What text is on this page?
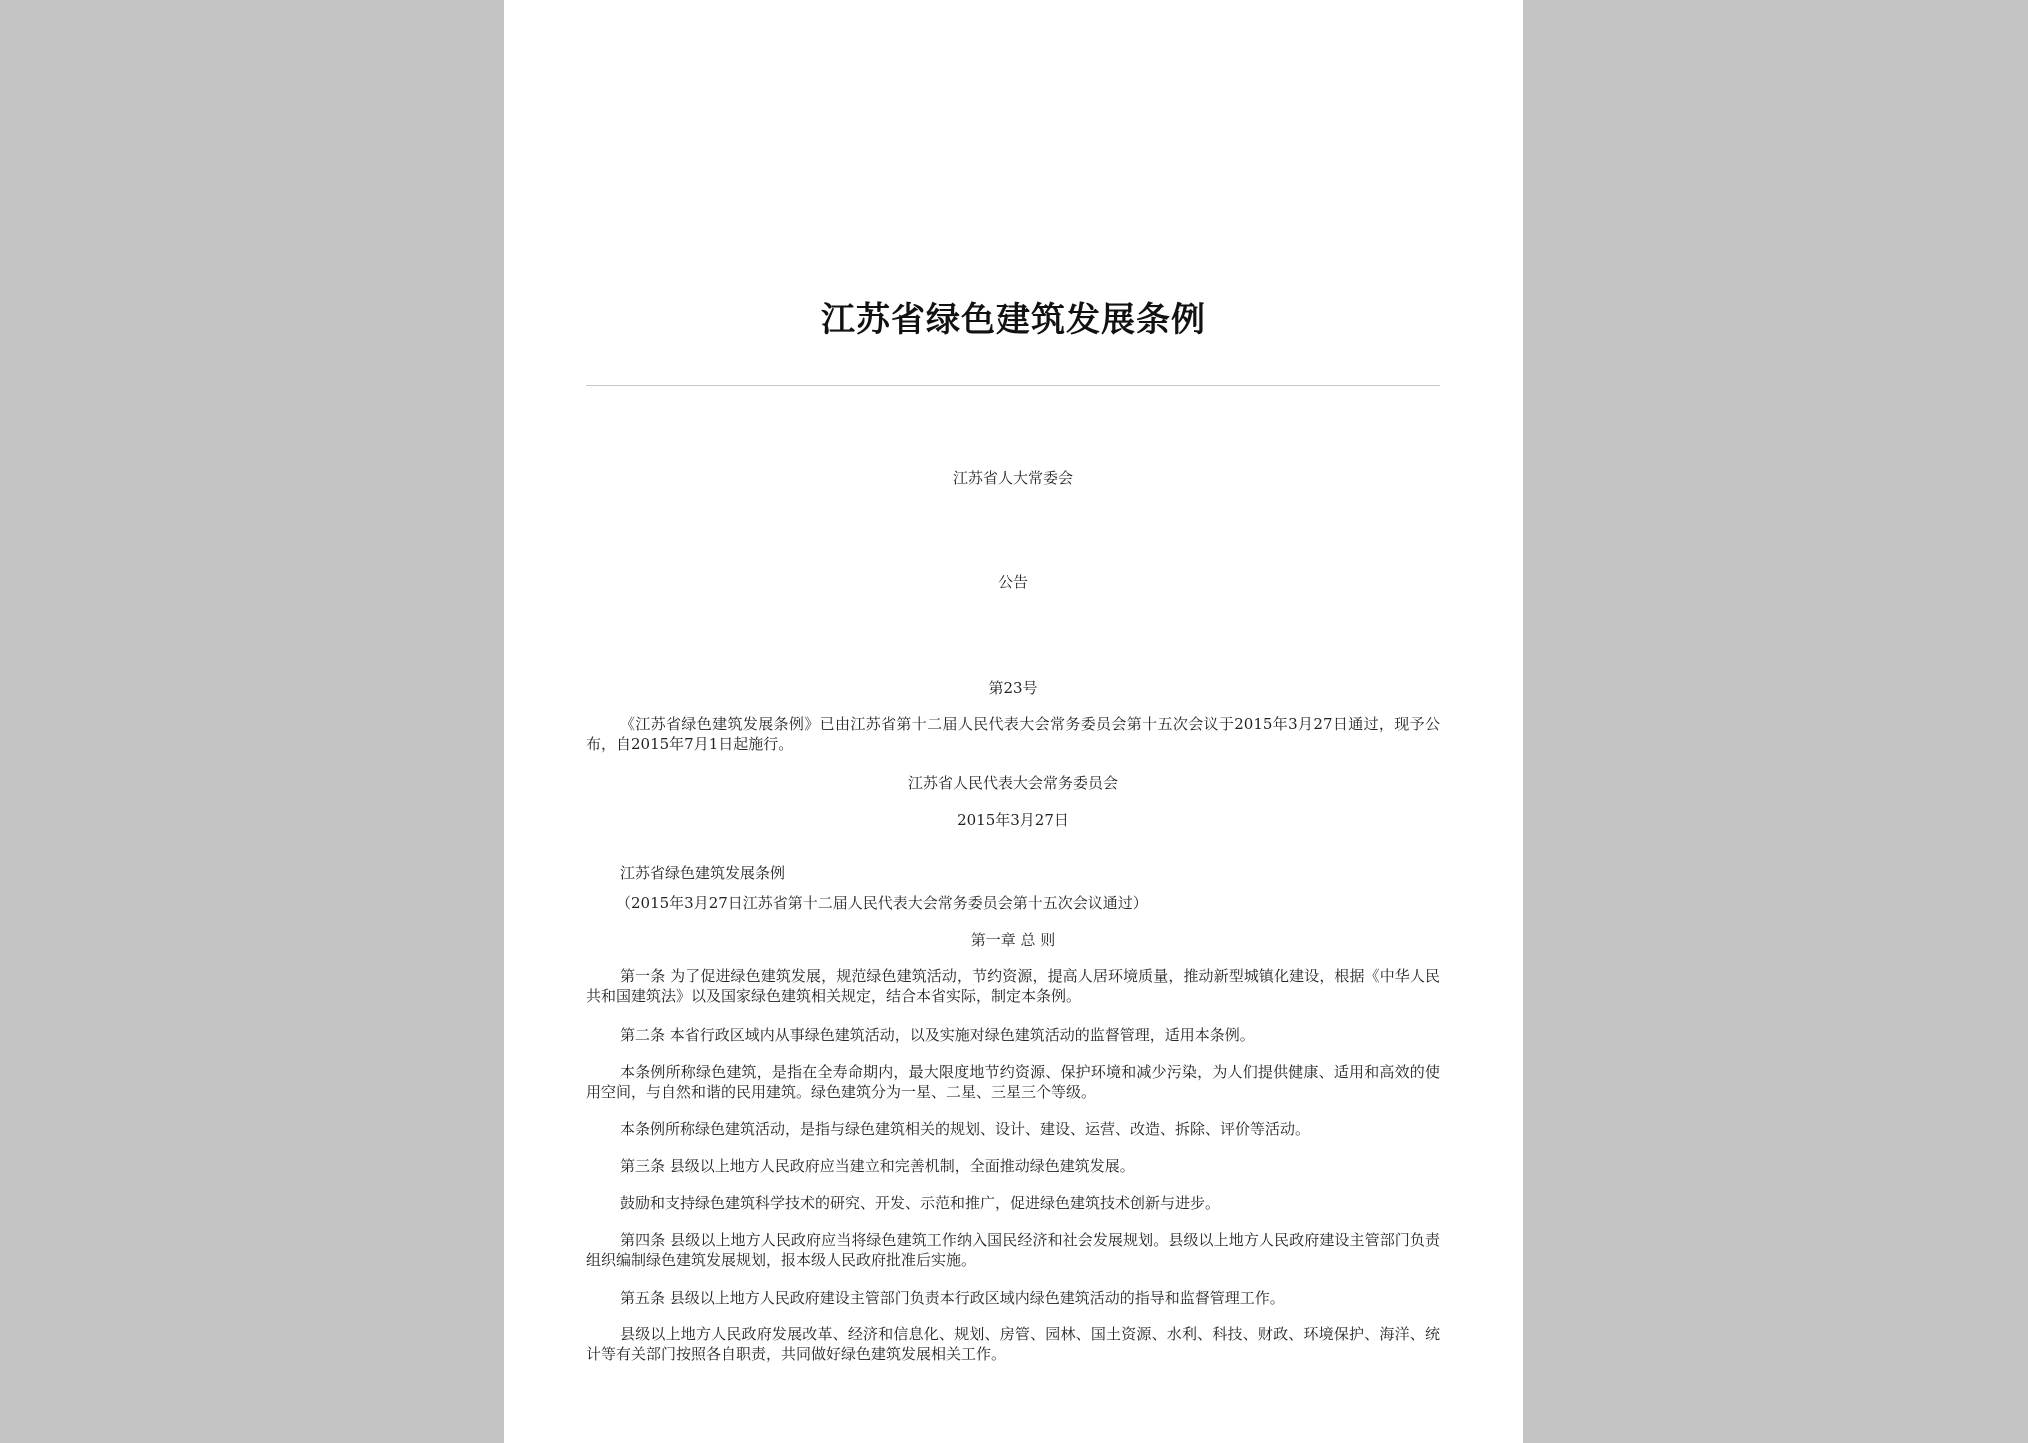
江苏省绿色建筑发展条例
江苏省人大常委会
公告
第23号
《江苏省绿色建筑发展条例》已由江苏省第十二届人民代表大会常务委员会第十五次会议于2015年3月27日通过，现予公布，自2015年7月1日起施行。
江苏省人民代表大会常务委员会
2015年3月27日
江苏省绿色建筑发展条例
（2015年3月27日江苏省第十二届人民代表大会常务委员会第十五次会议通过）
第一章 总 则
第一条 为了促进绿色建筑发展，规范绿色建筑活动，节约资源，提高人居环境质量，推动新型城镇化建设，根据《中华人民共和国建筑法》以及国家绿色建筑相关规定，结合本省实际，制定本条例。
第二条 本省行政区域内从事绿色建筑活动，以及实施对绿色建筑活动的监督管理，适用本条例。
本条例所称绿色建筑，是指在全寿命期内，最大限度地节约资源、保护环境和减少污染，为人们提供健康、适用和高效的使用空间，与自然和谐的民用建筑。绿色建筑分为一星、二星、三星三个等级。
本条例所称绿色建筑活动，是指与绿色建筑相关的规划、设计、建设、运营、改造、拆除、评价等活动。
第三条 县级以上地方人民政府应当建立和完善机制，全面推动绿色建筑发展。
鼓励和支持绿色建筑科学技术的研究、开发、示范和推广，促进绿色建筑技术创新与进步。
第四条 县级以上地方人民政府应当将绿色建筑工作纳入国民经济和社会发展规划。县级以上地方人民政府建设主管部门负责组织编制绿色建筑发展规划，报本级人民政府批准后实施。
第五条 县级以上地方人民政府建设主管部门负责本行政区域内绿色建筑活动的指导和监督管理工作。
县级以上地方人民政府发展改革、经济和信息化、规划、房管、园林、国土资源、水利、科技、财政、环境保护、海洋、统计等有关部门按照各自职责，共同做好绿色建筑发展相关工作。
